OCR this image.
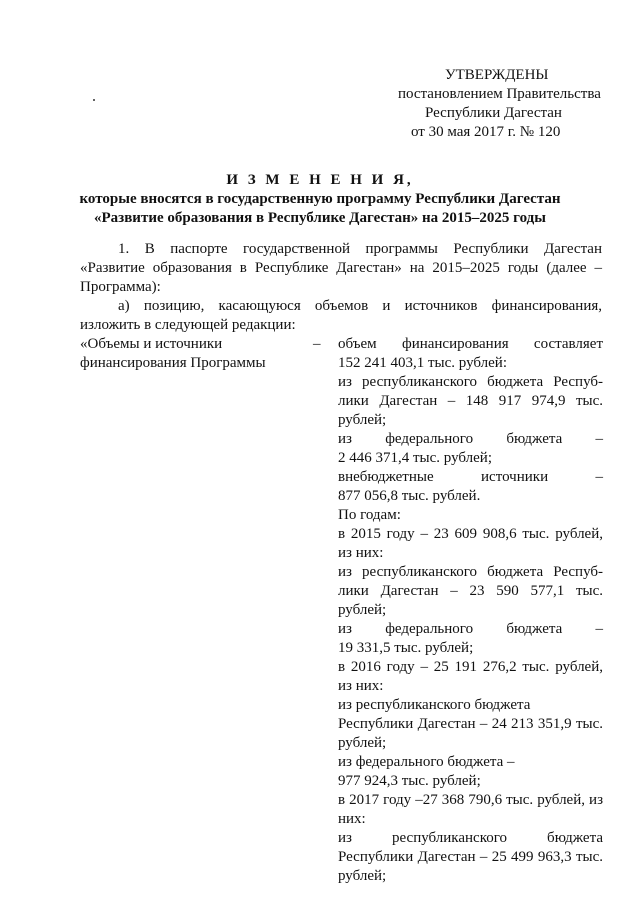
УТВЕРЖДЕНЫ
постановлением Правительства
Республики Дагестан
от 30 мая 2017 г. № 120
И З М Е Н Е Н И Я,
которые вносятся в государственную программу Республики Дагестан
«Развитие образования в Республике Дагестан» на 2015–2025 годы
1. В паспорте государственной программы Республики Дагестан
«Развитие образования в Республике Дагестан» на 2015–2025 годы (далее –
Программа):
а) позицию, касающуюся объемов и источников финансирования,
изложить в следующей редакции:
«Объемы и источники
финансирования Программы
– объем финансирования составляет
152 241 403,1 тыс. рублей:
из республиканского бюджета Респуб-
лики Дагестан – 148 917 974,9 тыс.
рублей;
из федерального бюджета –
2 446 371,4 тыс. рублей;
внебюджетные источники –
877 056,8 тыс. рублей.
По годам:
в 2015 году – 23 609 908,6 тыс. рублей,
из них:
из республиканского бюджета Респуб-
лики Дагестан – 23 590 577,1 тыс.
рублей;
из федерального бюджета –
19 331,5 тыс. рублей;
в 2016 году – 25 191 276,2 тыс. рублей,
из них:
из республиканского бюджета
Республики Дагестан – 24 213 351,9 тыс.
рублей;
из федерального бюджета –
977 924,3 тыс. рублей;
в 2017 году –27 368 790,6 тыс. рублей, из
них:
из республиканского бюджета
Республики Дагестан – 25 499 963,3 тыс.
рублей;
